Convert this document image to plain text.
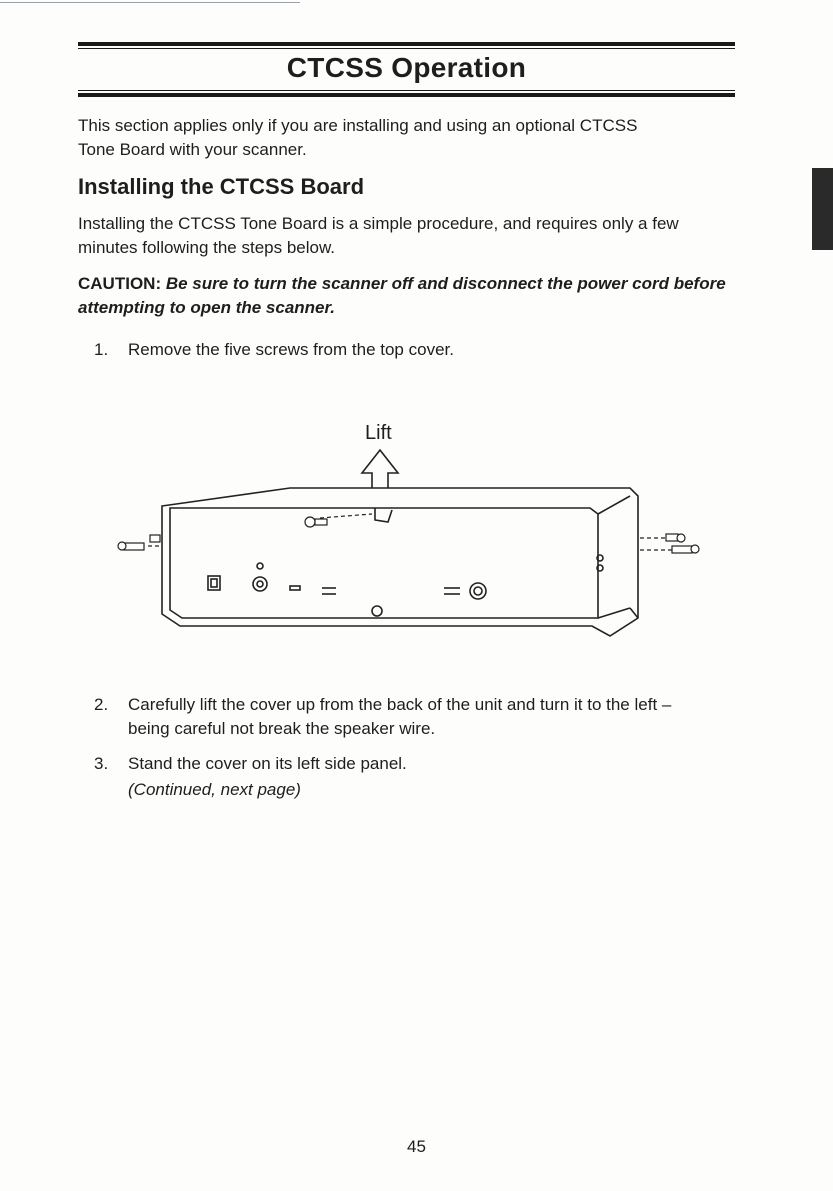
CTCSS Operation

This section applies only if you are installing and using an optional CTCSS Tone Board with your scanner.

Installing the CTCSS Board

Installing the CTCSS Tone Board is a simple procedure, and requires only a few minutes following the steps below.

CAUTION: Be sure to turn the scanner off and disconnect the power cord before attempting to open the scanner.

1. Remove the five screws from the top cover.

Lift

2. Carefully lift the cover up from the back of the unit and turn it to the left – being careful not break the speaker wire.

3. Stand the cover on its left side panel.

(Continued, next page)

45
